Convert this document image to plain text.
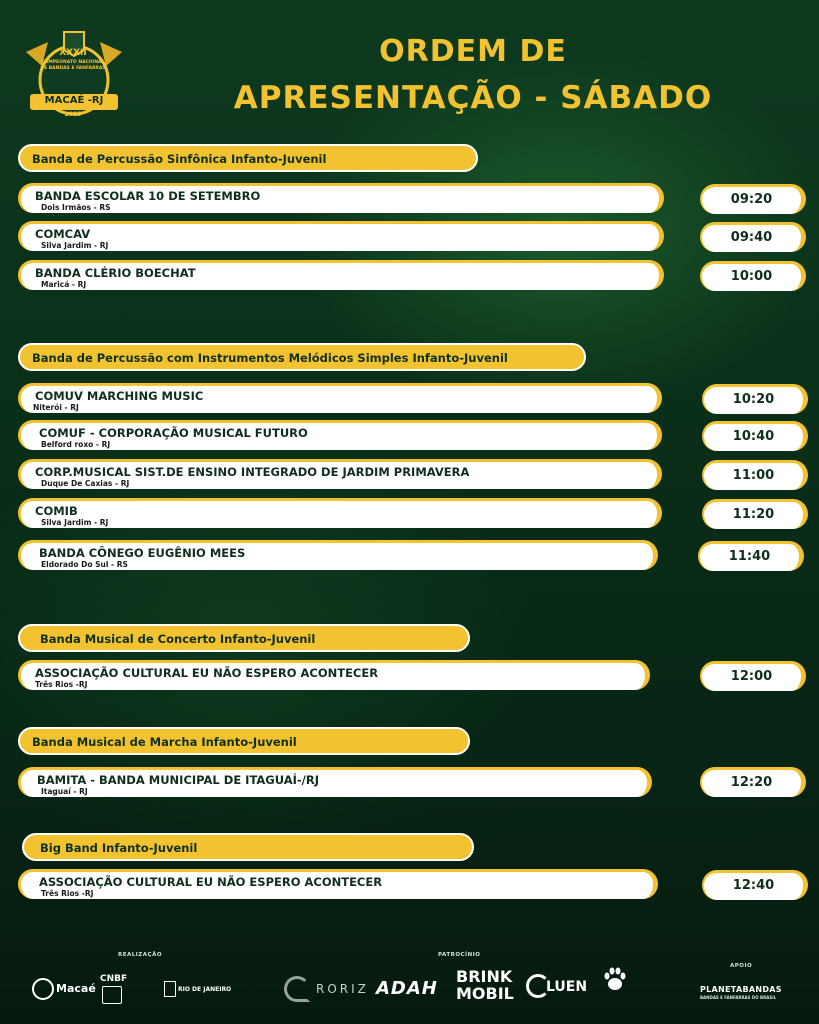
XXXII
CAMPEONATO NACIONAL
DE BANDAS E FANFARRAS
MACAÉ -RJ
2025
ORDEM DE
APRESENTAÇÃO - SÁBADO
Banda de Percussão Sinfônica Infanto-Juvenil
BANDA ESCOLAR 10 DE SETEMBRO
Dois Irmãos - RS
09:20
COMCAV
Silva Jardim - RJ
09:40
BANDA CLÉRIO BOECHAT
Maricá - RJ
10:00
Banda de Percussão com Instrumentos Melódicos Simples Infanto-Juvenil
COMUV MARCHING MUSIC
Niterói - RJ
10:20
COMUF - CORPORAÇÃO MUSICAL FUTURO
Belford roxo - RJ
10:40
CORP.MUSICAL SIST.DE ENSINO INTEGRADO DE JARDIM PRIMAVERA
Duque De Caxias - RJ
11:00
COMIB
Silva Jardim - RJ
11:20
BANDA CÔNEGO EUGÊNIO MEES
Eldorado Do Sul - RS
11:40
Banda Musical de Concerto Infanto-Juvenil
ASSOCIAÇÃO CULTURAL EU NÃO ESPERO ACONTECER
Três Rios -RJ
12:00
Banda Musical de Marcha Infanto-Juvenil
BAMITA - BANDA MUNICIPAL DE ITAGUAÍ-/RJ
Itaguaí - RJ
12:20
Big Band Infanto-Juvenil
ASSOCIAÇÃO CULTURAL EU NÃO ESPERO ACONTECER
Três Rios -RJ
12:40
REALIZAÇÃO	PATROCÍNIO
APOIO
Macaé
CNBF
RIO DE JANEIRO	RORIZ ADAH
BRINK MOBIL	LUEN	PLANETABANDAS
BANDAS E FANFARRAS DO BRASIL
